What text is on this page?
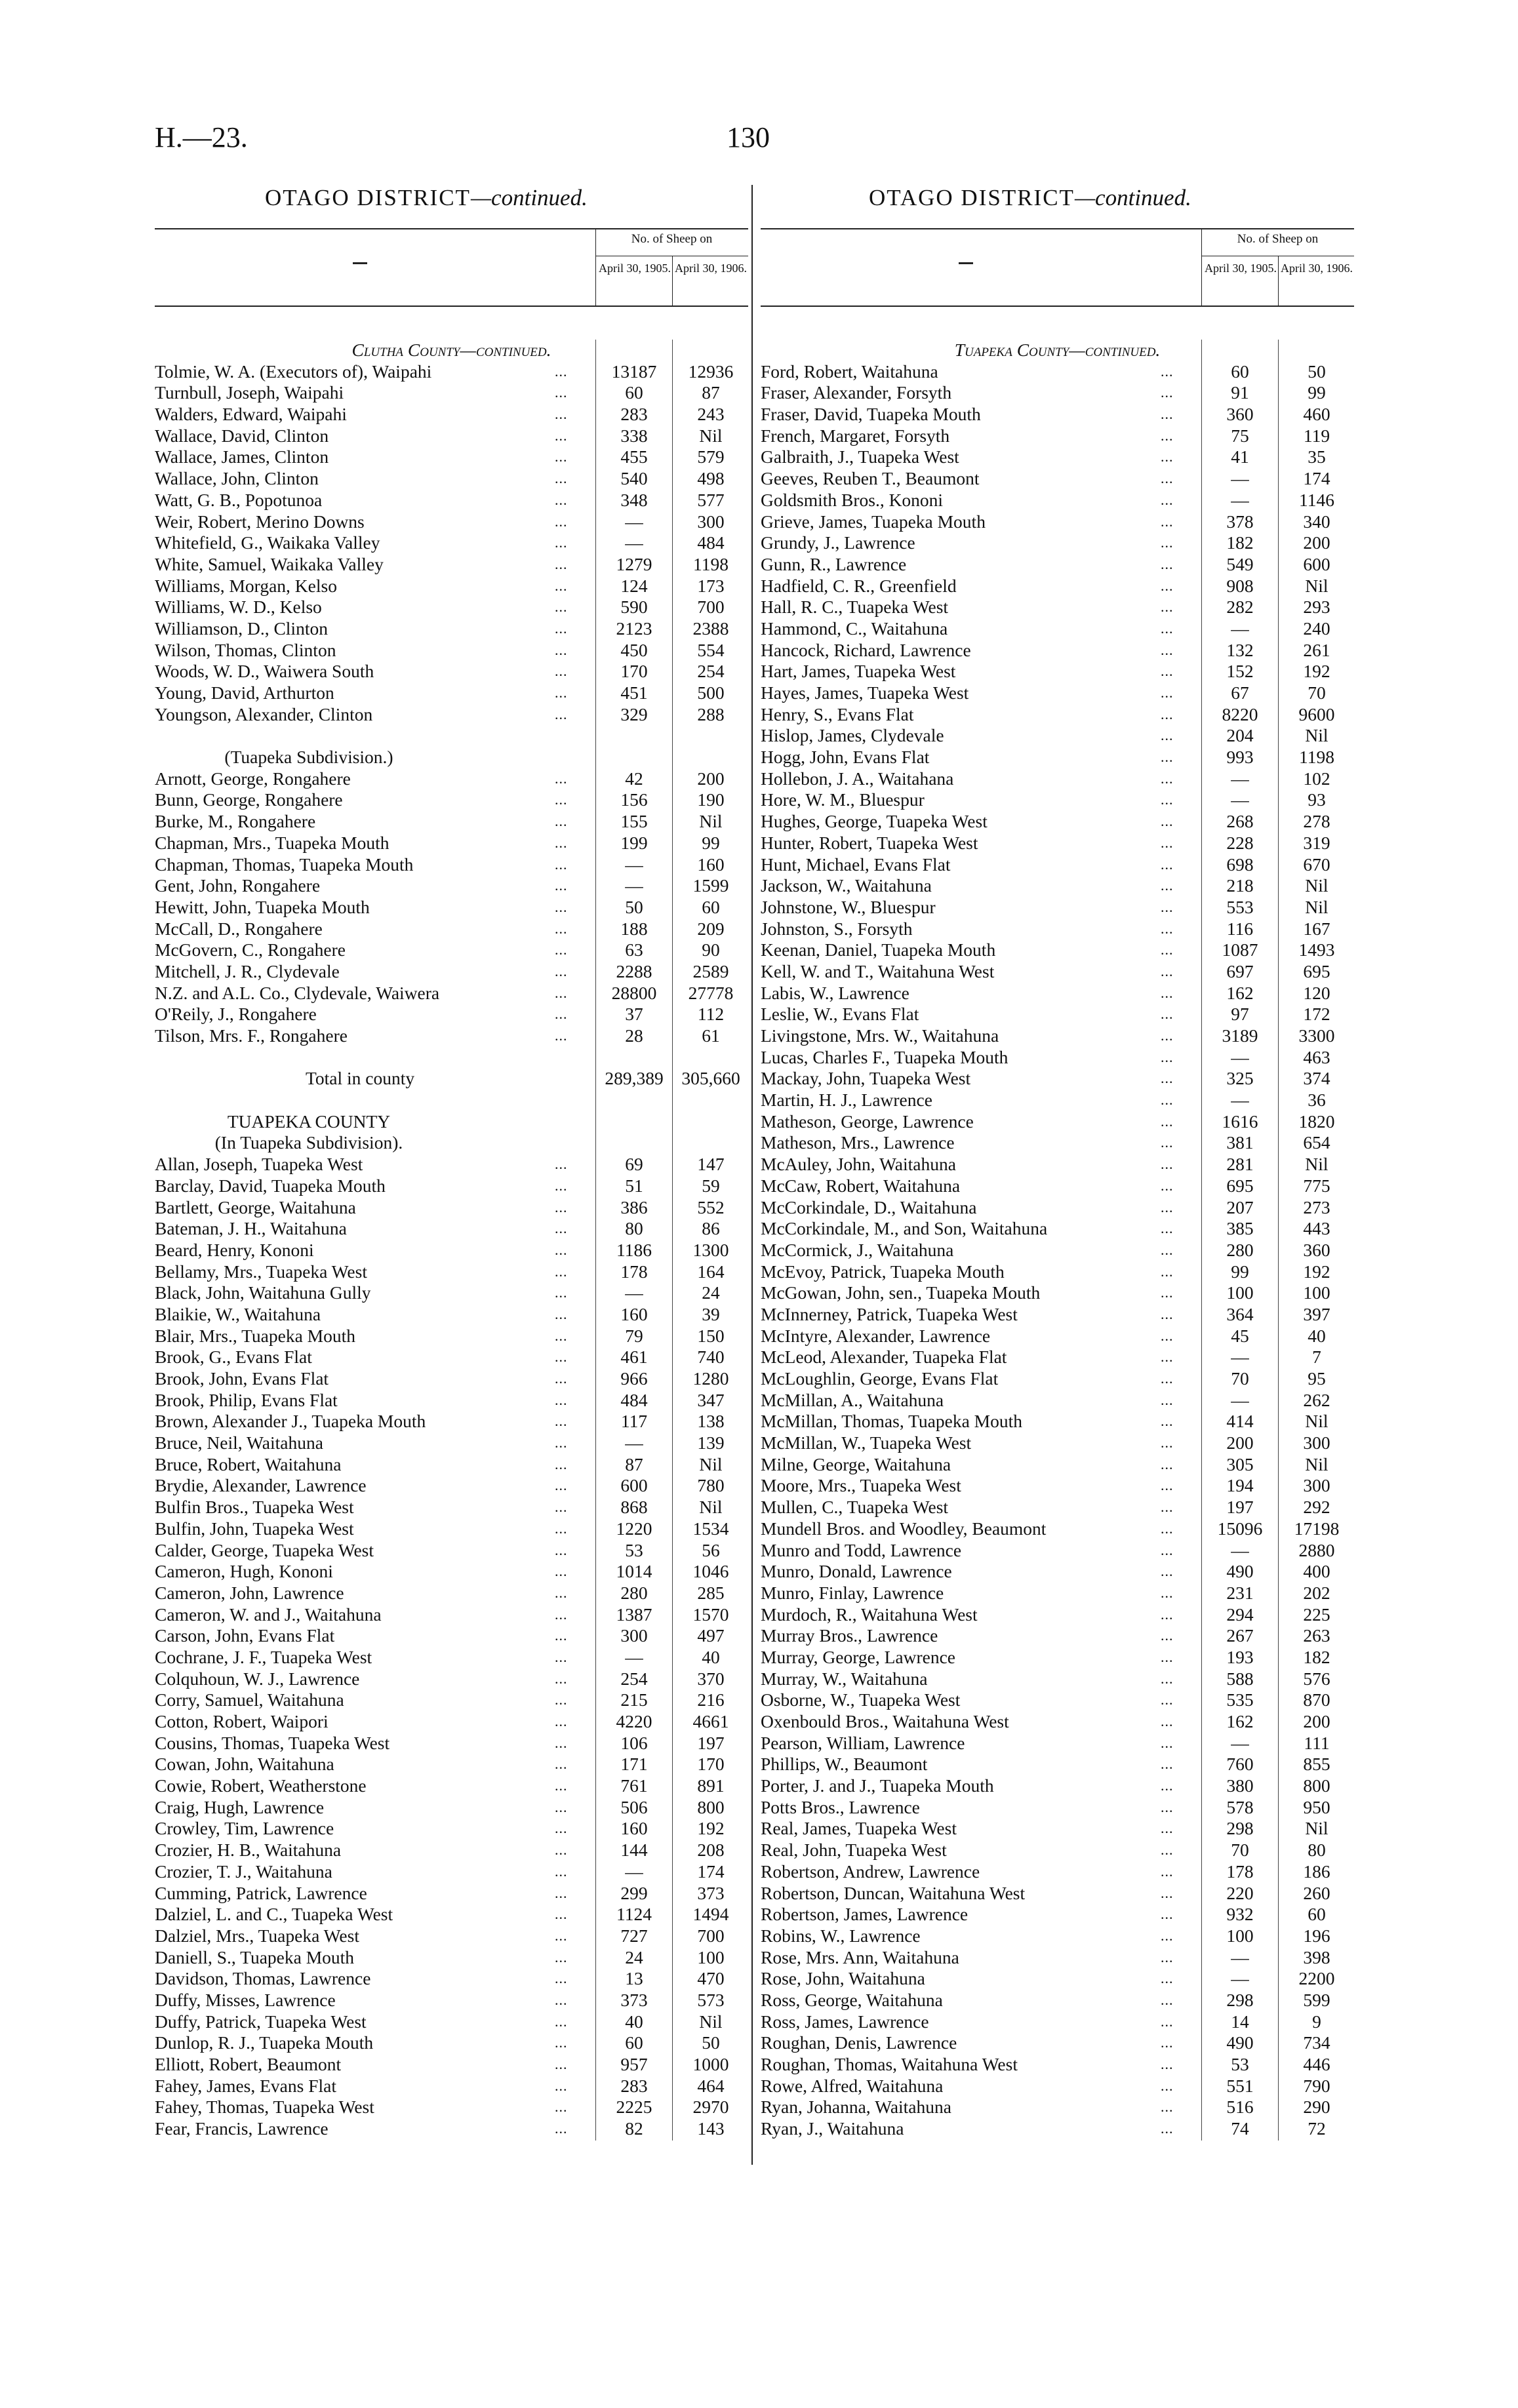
H.—23.	130
OTAGO DISTRICT—continued.
No. of Sheep on
April 30, 1905. April 30, 1906.
Clutha County—continued.
Tolmie, W. A. (Executors of), Waipahi	...	13187	12936
Turnbull, Joseph, Waipahi	...	60	87
Walders, Edward, Waipahi	...	283	243
Wallace, David, Clinton	...	338	Nil
Wallace, James, Clinton	...	455	579
Wallace, John, Clinton	...	540	498
Watt, G. B., Popotunoa	...	348	577
Weir, Robert, Merino Downs	...	—	300
Whitefield, G., Waikaka Valley	...	—	484
White, Samuel, Waikaka Valley	...	1279	1198
Williams, Morgan, Kelso	...	124	173
Williams, W. D., Kelso	...	590	700
Williamson, D., Clinton	...	2123	2388
Wilson, Thomas, Clinton	...	450	554
Woods, W. D., Waiwera South	...	170	254
Young, David, Arthurton	...	451	500
Youngson, Alexander, Clinton	...	329	288
(Tuapeka Subdivision.)
Arnott, George, Rongahere	...	42	200
Bunn, George, Rongahere	...	156	190
Burke, M., Rongahere	...	155	Nil
Chapman, Mrs., Tuapeka Mouth	...	199	99
Chapman, Thomas, Tuapeka Mouth	...	—	160
Gent, John, Rongahere	...	—	1599
Hewitt, John, Tuapeka Mouth	...	50	60
McCall, D., Rongahere	...	188	209
McGovern, C., Rongahere	...	63	90
Mitchell, J. R., Clydevale	...	2288	2589
N.Z. and A.L. Co., Clydevale, Waiwera	...	28800	27778
O'Reily, J., Rongahere	...	37	112
Tilson, Mrs. F., Rongahere	...	28	61
Total in county	289,389	305,660
TUAPEKA COUNTY
(In Tuapeka Subdivision).
Allan, Joseph, Tuapeka West	...	69	147
Barclay, David, Tuapeka Mouth	...	51	59
Bartlett, George, Waitahuna	...	386	552
Bateman, J. H., Waitahuna	...	80	86
Beard, Henry, Kononi	...	1186	1300
Bellamy, Mrs., Tuapeka West	...	178	164
Black, John, Waitahuna Gully	...	—	24
Blaikie, W., Waitahuna	...	160	39
Blair, Mrs., Tuapeka Mouth	...	79	150
Brook, G., Evans Flat	...	461	740
Brook, John, Evans Flat	...	966	1280
Brook, Philip, Evans Flat	...	484	347
Brown, Alexander J., Tuapeka Mouth	...	117	138
Bruce, Neil, Waitahuna	...	—	139
Bruce, Robert, Waitahuna	...	87	Nil
Brydie, Alexander, Lawrence	...	600	780
Bulfin Bros., Tuapeka West	...	868	Nil
Bulfin, John, Tuapeka West	...	1220	1534
Calder, George, Tuapeka West	...	53	56
Cameron, Hugh, Kononi	...	1014	1046
Cameron, John, Lawrence	...	280	285
Cameron, W. and J., Waitahuna	...	1387	1570
Carson, John, Evans Flat	...	300	497
Cochrane, J. F., Tuapeka West	...	—	40
Colquhoun, W. J., Lawrence	...	254	370
Corry, Samuel, Waitahuna	...	215	216
Cotton, Robert, Waipori	...	4220	4661
Cousins, Thomas, Tuapeka West	...	106	197
Cowan, John, Waitahuna	...	171	170
Cowie, Robert, Weatherstone	...	761	891
Craig, Hugh, Lawrence	...	506	800
Crowley, Tim, Lawrence	...	160	192
Crozier, H. B., Waitahuna	...	144	208
Crozier, T. J., Waitahuna	...	—	174
Cumming, Patrick, Lawrence	...	299	373
Dalziel, L. and C., Tuapeka West	...	1124	1494
Dalziel, Mrs., Tuapeka West	...	727	700
Daniell, S., Tuapeka Mouth	...	24	100
Davidson, Thomas, Lawrence	...	13	470
Duffy, Misses, Lawrence	...	373	573
Duffy, Patrick, Tuapeka West	...	40	Nil
Dunlop, R. J., Tuapeka Mouth	...	60	50
Elliott, Robert, Beaumont	...	957	1000
Fahey, James, Evans Flat	...	283	464
Fahey, Thomas, Tuapeka West	...	2225	2970
Fear, Francis, Lawrence	...	82	143
OTAGO DISTRICT—continued.
No. of Sheep on
April 30, 1905. April 30, 1906.
Tuapeka County—continued.
Ford, Robert, Waitahuna	...	60	50
Fraser, Alexander, Forsyth	...	91	99
Fraser, David, Tuapeka Mouth	...	360	460
French, Margaret, Forsyth	...	75	119
Galbraith, J., Tuapeka West	...	41	35
Geeves, Reuben T., Beaumont	...	—	174
Goldsmith Bros., Kononi	...	—	1146
Grieve, James, Tuapeka Mouth	...	378	340
Grundy, J., Lawrence	...	182	200
Gunn, R., Lawrence	...	549	600
Hadfield, C. R., Greenfield	...	908	Nil
Hall, R. C., Tuapeka West	...	282	293
Hammond, C., Waitahuna	...	—	240
Hancock, Richard, Lawrence	...	132	261
Hart, James, Tuapeka West	...	152	192
Hayes, James, Tuapeka West	...	67	70
Henry, S., Evans Flat	...	8220	9600
Hislop, James, Clydevale	...	204	Nil
Hogg, John, Evans Flat	...	993	1198
Hollebon, J. A., Waitahana	...	—	102
Hore, W. M., Bluespur	...	—	93
Hughes, George, Tuapeka West	...	268	278
Hunter, Robert, Tuapeka West	...	228	319
Hunt, Michael, Evans Flat	...	698	670
Jackson, W., Waitahuna	...	218	Nil
Johnstone, W., Bluespur	...	553	Nil
Johnston, S., Forsyth	...	116	167
Keenan, Daniel, Tuapeka Mouth	...	1087	1493
Kell, W. and T., Waitahuna West	...	697	695
Labis, W., Lawrence	...	162	120
Leslie, W., Evans Flat	...	97	172
Livingstone, Mrs. W., Waitahuna	...	3189	3300
Lucas, Charles F., Tuapeka Mouth	...	—	463
Mackay, John, Tuapeka West	...	325	374
Martin, H. J., Lawrence	...	—	36
Matheson, George, Lawrence	...	1616	1820
Matheson, Mrs., Lawrence	...	381	654
McAuley, John, Waitahuna	...	281	Nil
McCaw, Robert, Waitahuna	...	695	775
McCorkindale, D., Waitahuna	...	207	273
McCorkindale, M., and Son, Waitahuna	...	385	443
McCormick, J., Waitahuna	...	280	360
McEvoy, Patrick, Tuapeka Mouth	...	99	192
McGowan, John, sen., Tuapeka Mouth	...	100	100
McInnerney, Patrick, Tuapeka West	...	364	397
McIntyre, Alexander, Lawrence	...	45	40
McLeod, Alexander, Tuapeka Flat	...	—	7
McLoughlin, George, Evans Flat	...	70	95
McMillan, A., Waitahuna	...	—	262
McMillan, Thomas, Tuapeka Mouth	...	414	Nil
McMillan, W., Tuapeka West	...	200	300
Milne, George, Waitahuna	...	305	Nil
Moore, Mrs., Tuapeka West	...	194	300
Mullen, C., Tuapeka West	...	197	292
Mundell Bros. and Woodley, Beaumont	...	15096	17198
Munro and Todd, Lawrence	...	—	2880
Munro, Donald, Lawrence	...	490	400
Munro, Finlay, Lawrence	...	231	202
Murdoch, R., Waitahuna West	...	294	225
Murray Bros., Lawrence	...	267	263
Murray, George, Lawrence	...	193	182
Murray, W., Waitahuna	...	588	576
Osborne, W., Tuapeka West	...	535	870
Oxenbould Bros., Waitahuna West	...	162	200
Pearson, William, Lawrence	...	—	111
Phillips, W., Beaumont	...	760	855
Porter, J. and J., Tuapeka Mouth	...	380	800
Potts Bros., Lawrence	...	578	950
Real, James, Tuapeka West	...	298	Nil
Real, John, Tuapeka West	...	70	80
Robertson, Andrew, Lawrence	...	178	186
Robertson, Duncan, Waitahuna West	...	220	260
Robertson, James, Lawrence	...	932	60
Robins, W., Lawrence	...	100	196
Rose, Mrs. Ann, Waitahuna	...	—	398
Rose, John, Waitahuna	...	—	2200
Ross, George, Waitahuna	...	298	599
Ross, James, Lawrence	...	14	9
Roughan, Denis, Lawrence	...	490	734
Roughan, Thomas, Waitahuna West	...	53	446
Rowe, Alfred, Waitahuna	...	551	790
Ryan, Johanna, Waitahuna	...	516	290
Ryan, J., Waitahuna	...	74	72
